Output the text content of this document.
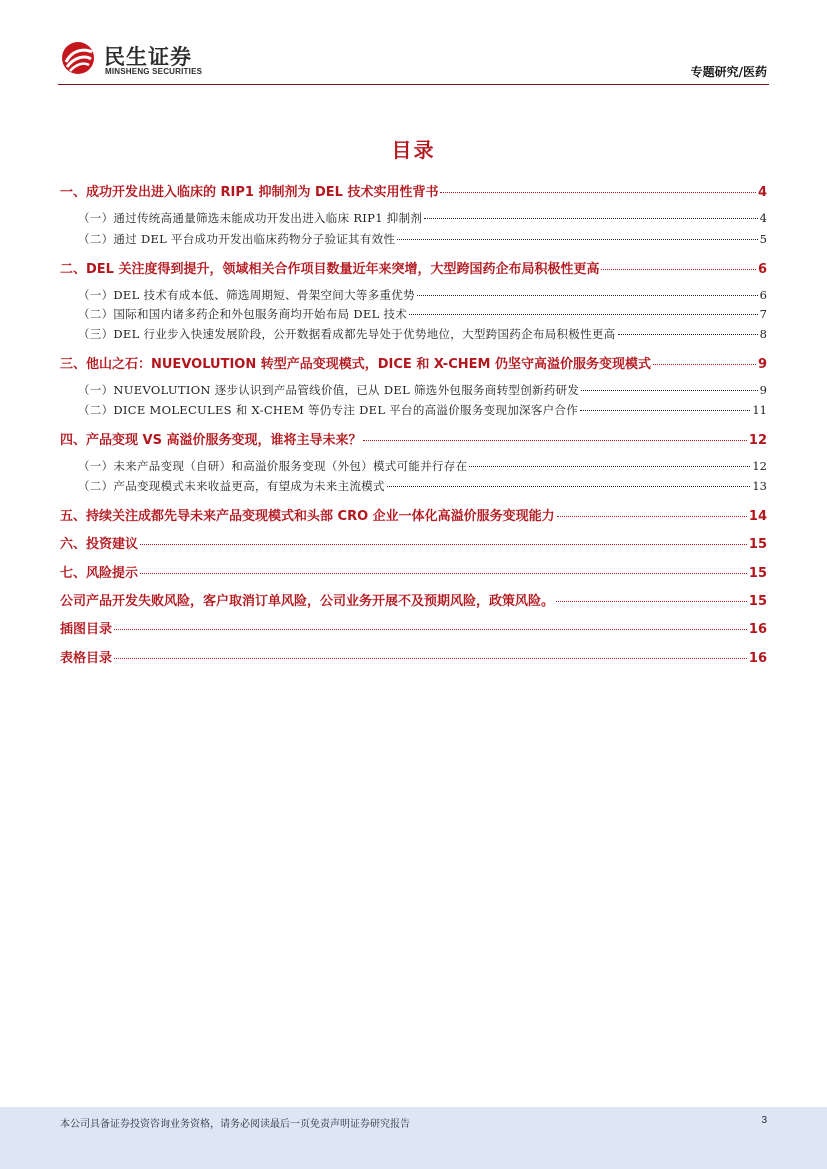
民生证券
MINSHENG SECURITIES	专题研究/医药
目录
一、成功开发出进入临床的 RIP1 抑制剂为 DEL 技术实用性背书	4
（一）通过传统高通量筛选未能成功开发出进入临床 RIP1 抑制剂	4
（二）通过 DEL 平台成功开发出临床药物分子验证其有效性	5
二、DEL 关注度得到提升，领域相关合作项目数量近年来突增，大型跨国药企布局积极性更高	6
（一）DEL 技术有成本低、筛选周期短、骨架空间大等多重优势	6
（二）国际和国内诸多药企和外包服务商均开始布局 DEL 技术	7
（三）DEL 行业步入快速发展阶段，公开数据看成都先导处于优势地位，大型跨国药企布局积极性更高	8
三、他山之石：NUEVOLUTION 转型产品变现模式，DICE 和 X-CHEM 仍坚守高溢价服务变现模式	9
（一）NUEVOLUTION 逐步认识到产品管线价值，已从 DEL 筛选外包服务商转型创新药研发	9
（二）DICE MOLECULES 和 X-CHEM 等仍专注 DEL 平台的高溢价服务变现加深客户合作	11
四、产品变现 VS 高溢价服务变现，谁将主导未来？	12
（一）未来产品变现（自研）和高溢价服务变现（外包）模式可能并行存在	12
（二）产品变现模式未来收益更高，有望成为未来主流模式	13
五、持续关注成都先导未来产品变现模式和头部 CRO 企业一体化高溢价服务变现能力	14
六、投资建议	15
七、风险提示	15
公司产品开发失败风险，客户取消订单风险，公司业务开展不及预期风险，政策风险。	15
插图目录	16
表格目录	16
本公司具备证券投资咨询业务资格，请务必阅读最后一页免责声明证券研究报告	3
